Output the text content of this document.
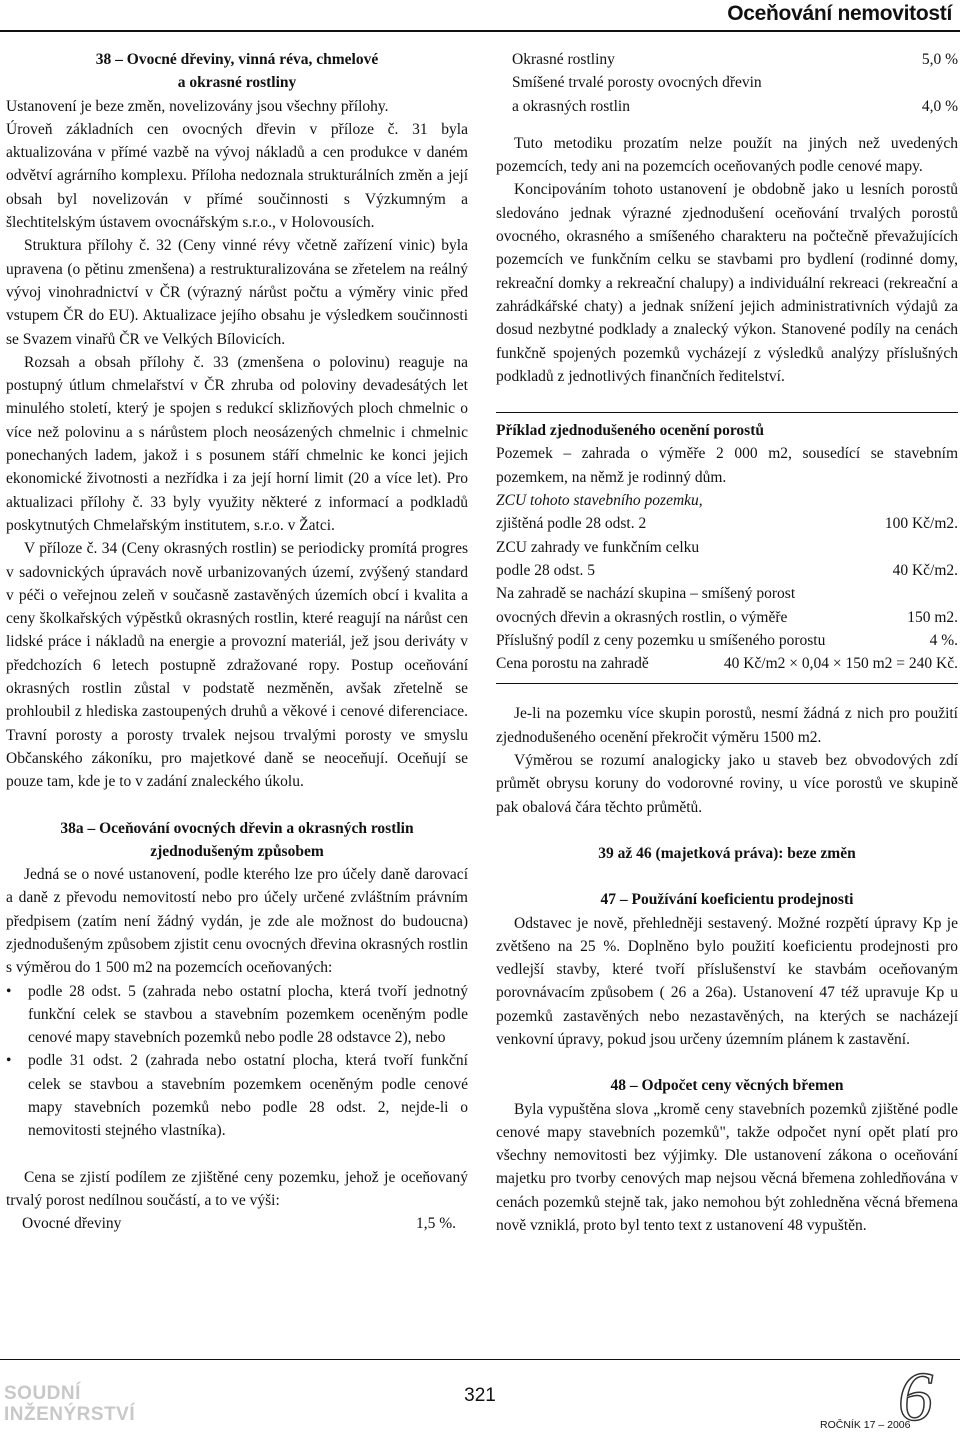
Oceňování nemovitostí

38 – Ovocné dřeviny, vinná réva, chmelové

a okrasné rostliny

Ustanovení je beze změn, novelizovány jsou všechny přílohy.

Úroveň základních cen ovocných dřevin v příloze č. 31 byla aktualizována v přímé vazbě na vývoj nákladů a cen produkce v daném odvětví agrárního komplexu. Příloha nedoznala strukturálních změn a její obsah byl novelizován v přímé součinnosti s Výzkumným a šlechtitelským ústavem ovocnářským s.r.o., v Holovousích.

Struktura přílohy č. 32 (Ceny vinné révy včetně zařízení vinic) byla upravena (o pětinu zmenšena) a restrukturalizována se zřetelem na reálný vývoj vinohradnictví v ČR (výrazný nárůst počtu a výměry vinic před vstupem ČR do EU). Aktualizace jejího obsahu je výsledkem součinnosti se Svazem vinařů ČR ve Velkých Bílovicích.

Rozsah a obsah přílohy č. 33 (zmenšena o polovinu) reaguje na postupný útlum chmelařství v ČR zhruba od poloviny devadesátých let minulého století, který je spojen s redukcí sklizňových ploch chmelnic o více než polovinu a s nárůstem ploch neosázených chmelnic i chmelnic ponechaných ladem, jakož i s posunem stáří chmelnic ke konci jejich ekonomické životnosti a nezřídka i za její horní limit (20 a více let). Pro aktualizaci přílohy č. 33 byly využity některé z informací a podkladů poskytnutých Chmelařským institutem, s.r.o. v Žatci.

V příloze č. 34 (Ceny okrasných rostlin) se periodicky promítá progres v sadovnických úpravách nově urbanizovaných území, zvýšený standard v péči o veřejnou zeleň v současně zastavěných územích obcí i kvalita a ceny školkařských výpěstků okrasných rostlin, které reagují na nárůst cen lidské práce i nákladů na energie a provozní materiál, jež jsou deriváty v předchozích 6 letech postupně zdražované ropy. Postup oceňování okrasných rostlin zůstal v podstatě nezměněn, avšak zřetelně se prohloubil z hlediska zastoupených druhů a věkové i cenové diferenciace. Travní porosty a porosty trvalek nejsou trvalými porosty ve smyslu Občanského zákoníku, pro majetkové daně se neoceňují. Oceňují se pouze tam, kde je to v zadání znaleckého úkolu.

38a – Oceňování ovocných dřevin a okrasných rostlin

zjednodušeným způsobem

Jedná se o nové ustanovení, podle kterého lze pro účely daně darovací a daně z převodu nemovitostí nebo pro účely určené zvláštním právním předpisem (zatím není žádný vydán, je zde ale možnost do budoucna) zjednodušeným způsobem zjistit cenu ovocných dřevina okrasných rostlin s výměrou do 1 500 m2 na pozemcích oceňovaných:

• podle 28 odst. 5 (zahrada nebo ostatní plocha, která tvoří jednotný funkční celek se stavbou a stavebním pozemkem oceněným podle cenové mapy stavebních pozemků nebo podle 28 odstavce 2), nebo
• podle 31 odst. 2 (zahrada nebo ostatní plocha, která tvoří funkční celek se stavbou a stavebním pozemkem oceněným podle cenové mapy stavebních pozemků nebo podle 28 odst. 2, nejde-li o nemovitosti stejného vlastníka).

Cena se zjistí podílem ze zjištěné ceny pozemku, jehož je oceňovaný trvalý porost nedílnou součástí, a to ve výši:

Ovocné dřeviny	1,5 %.
Okrasné rostliny	5,0 %
Smíšené trvalé porosty ovocných dřevin
a okrasných rostlin	4,0 %

Tuto metodiku prozatím nelze použít na jiných než uvedených pozemcích, tedy ani na pozemcích oceňovaných podle cenové mapy.

Koncipováním tohoto ustanovení je obdobně jako u lesních porostů sledováno jednak výrazné zjednodušení oceňování trvalých porostů ovocného, okrasného a smíšeného charakteru na počtečně převažujících pozemcích ve funkčním celku se stavbami pro bydlení (rodinné domy, rekreační domky a rekreační chalupy) a individuální rekreaci (rekreační a zahrádkářské chaty) a jednak snížení jejich administrativních výdajů za dosud nezbytné podklady a znalecký výkon. Stanovené podíly na cenách funkčně spojených pozemků vycházejí z výsledků analýzy příslušných podkladů z jednotlivých finančních ředitelství.

Příklad zjednodušeného ocenění porostů

Pozemek – zahrada o výměře 2 000 m2, sousedící se stavebním pozemkem, na němž je rodinný dům.

ZCU tohoto stavebního pozemku,

zjištěná podle 28 odst. 2	100 Kč/m2.

ZCU zahrady ve funkčním celku

podle 28 odst. 5	40 Kč/m2.

Na zahradě se nachází skupina – smíšený porost

ovocných dřevin a okrasných rostlin, o výměře	150 m2.
Příslušný podíl z ceny pozemku u smíšeného porostu	4 %.
Cena porostu na zahradě	40 Kč/m2 × 0,04 × 150 m2 = 240 Kč.

Je-li na pozemku více skupin porostů, nesmí žádná z nich pro použití zjednodušeného ocenění překročit výměru 1500 m2.

Výměrou se rozumí analogicky jako u staveb bez obvodových zdí průmět obrysu koruny do vodorovné roviny, u více porostů ve skupině pak obalová čára těchto průmětů.

39 až 46 (majetková práva): beze změn

47 – Používání koeficientu prodejnosti

Odstavec je nově, přehledněji sestavený. Možné rozpětí úpravy Kp je zvětšeno na 25 %. Doplněno bylo použití koeficientu prodejnosti pro vedlejší stavby, které tvoří příslušenství ke stavbám oceňovaným porovnávacím způsobem ( 26 a 26a). Ustanovení 47 též upravuje Kp u pozemků zastavěných nebo nezastavěných, na kterých se nacházejí venkovní úpravy, pokud jsou určeny územním plánem k zastavění.

48 – Odpočet ceny věcných břemen

Byla vypuštěna slova „kromě ceny stavebních pozemků zjištěné podle cenové mapy stavebních pozemků", takže odpočet nyní opět platí pro všechny nemovitosti bez výjimky. Dle ustanovení zákona o oceňování majetku pro tvorby cenových map nejsou věcná břemena zohledňována v cenách pozemků stejně tak, jako nemohou být zohledněna věcná břemena nově vzniklá, proto byl tento text z ustanovení 48 vypuštěn.

SOUDNÍ
INŽENÝRSTVÍ
321
ROČNÍK 17 – 2006
6
